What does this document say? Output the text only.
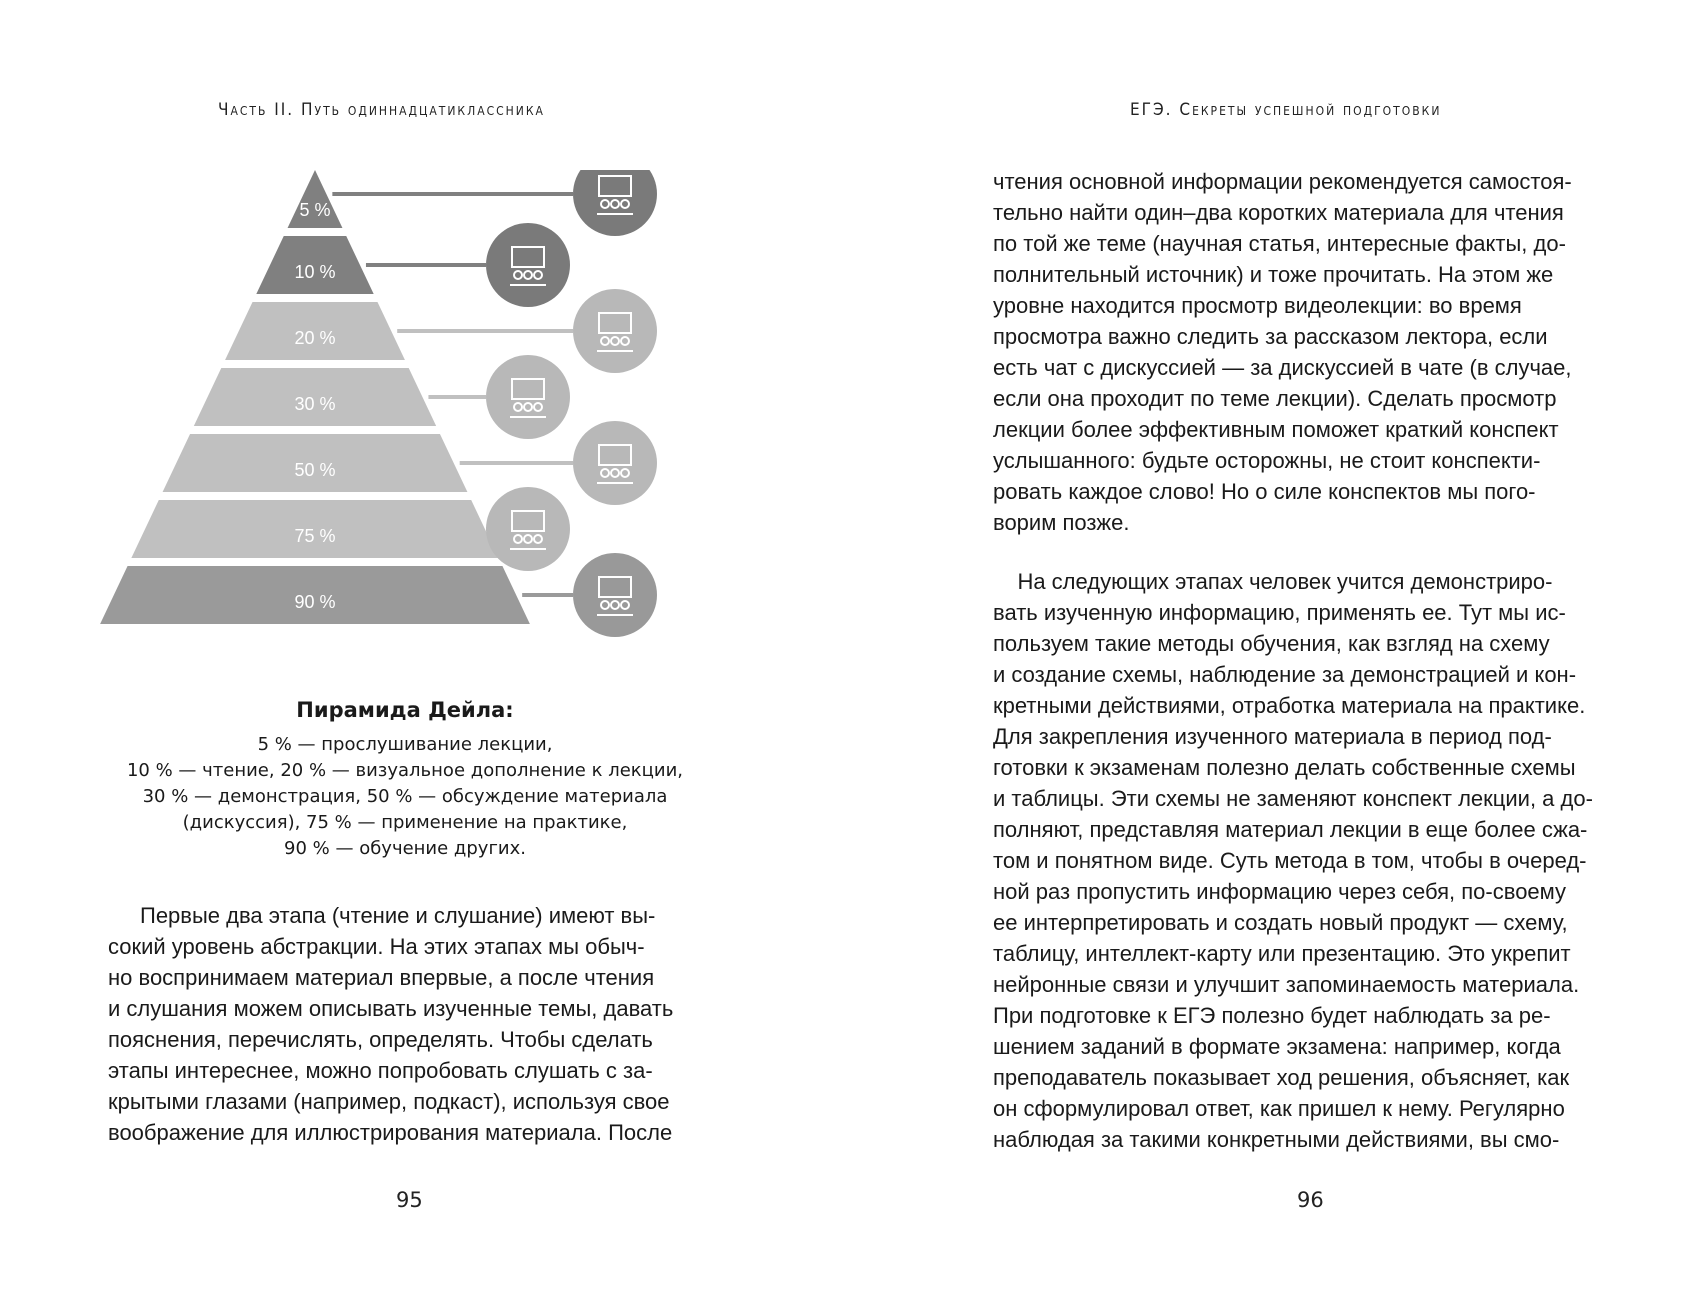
Часть II. Путь одиннадцатиклассника
5 %
10 %
20 %
30 %
50 %
75 %
90 %
Пирамида Дейла:
5 % — прослушивание лекции,
10 % — чтение, 20 % — визуальное дополнение к лекции,
30 % — демонстрация, 50 % — обсуждение материала
(дискуссия), 75 % — применение на практике,
90 % — обучение других.
Первые два этапа (чтение и слушание) имеют вы-
сокий уровень абстракции. На этих этапах мы обыч-
но воспринимаем материал впервые, а после чтения
и слушания можем описывать изученные темы, давать
пояснения, перечислять, определять. Чтобы сделать
этапы интереснее, можно попробовать слушать с за-
крытыми глазами (например, подкаст), используя свое
воображение для иллюстрирования материала. После
95
ЕГЭ. Секреты успешной подготовки
чтения основной информации рекомендуется самостоя-
тельно найти один–два коротких материала для чтения
по той же теме (научная статья, интересные факты, до-
полнительный источник) и тоже прочитать. На этом же
уровне находится просмотр видеолекции: во время
просмотра важно следить за рассказом лектора, если
есть чат с дискуссией — за дискуссией в чате (в случае,
если она проходит по теме лекции). Сделать просмотр
лекции более эффективным поможет краткий конспект
услышанного: будьте осторожны, не стоит конспекти-
ровать каждое слово! Но о силе конспектов мы пого-
ворим позже.
На следующих этапах человек учится демонстриро-
вать изученную информацию, применять ее. Тут мы ис-
пользуем такие методы обучения, как взгляд на схему
и создание схемы, наблюдение за демонстрацией и кон-
кретными действиями, отработка материала на практике.
Для закрепления изученного материала в период под-
готовки к экзаменам полезно делать собственные схемы
и таблицы. Эти схемы не заменяют конспект лекции, а до-
полняют, представляя материал лекции в еще более сжа-
том и понятном виде. Суть метода в том, чтобы в очеред-
ной раз пропустить информацию через себя, по-своему
ее интерпретировать и создать новый продукт — схему,
таблицу, интеллект-карту или презентацию. Это укрепит
нейронные связи и улучшит запоминаемость материала.
При подготовке к ЕГЭ полезно будет наблюдать за ре-
шением заданий в формате экзамена: например, когда
преподаватель показывает ход решения, объясняет, как
он сформулировал ответ, как пришел к нему. Регулярно
наблюдая за такими конкретными действиями, вы смо-
96
